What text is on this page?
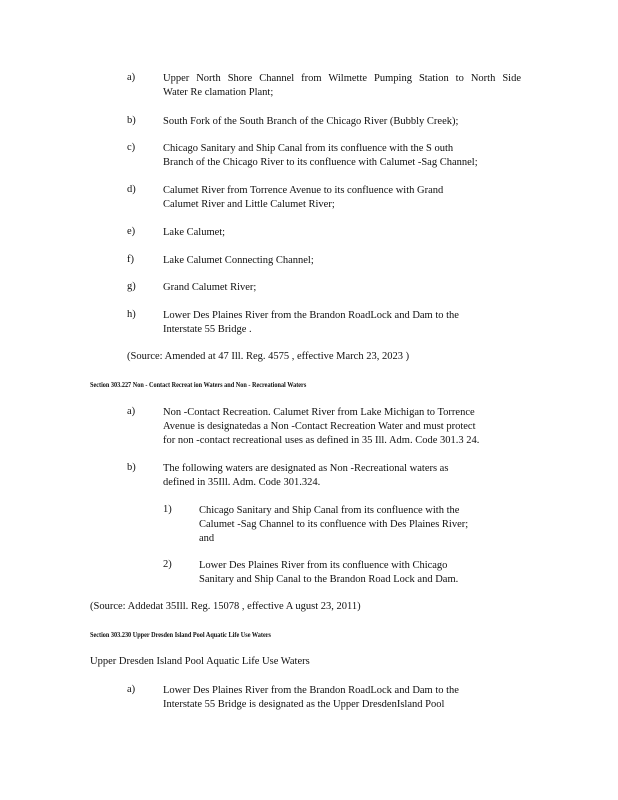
a)	Upper North Shore Channel from Wilmette Pumping Station to North Side
Water Re clamation Plant;
b)	South Fork of the South Branch of the Chicago River (Bubbly Creek);
c)	Chicago Sanitary and Ship Canal from its confluence with the S outh
Branch of the Chicago River to its confluence with Calumet -Sag Channel;
d)	Calumet River from Torrence Avenue to its confluence with Grand
Calumet River and Little Calumet River;
e)	Lake Calumet;
f)	Lake Calumet Connecting Channel;
g)	Grand Calumet River;
h)	Lower Des Plaines River from the Brandon RoadLock and Dam to the
Interstate 55 Bridge .
(Source: Amended at 47 Ill. Reg. 4575 , effective March 23, 2023 )
Section 303.227 Non - Contact Recreat ion Waters and Non - Recreational Waters
a)	Non -Contact Recreation. Calumet River from Lake Michigan to Torrence
Avenue is designatedas a Non -Contact Recreation Water and must protect
for non -contact recreational uses as defined in 35 Ill. Adm. Code 301.3 24.
b)	The following waters are designated as Non -Recreational waters as
defined in 35Ill. Adm. Code 301.324.
1)	Chicago Sanitary and Ship Canal from its confluence with the
Calumet -Sag Channel to its confluence with Des Plaines River;
and
2)	Lower Des Plaines River from its confluence with Chicago
Sanitary and Ship Canal to the Brandon Road Lock and Dam.
(Source: Addedat 35Ill. Reg. 15078 , effective A ugust 23, 2011)
Section 303.230 Upper Dresden Island Pool Aquatic Life Use Waters
Upper Dresden Island Pool Aquatic Life Use Waters
a)	Lower Des Plaines River from the Brandon RoadLock and Dam to the
Interstate 55 Bridge is designated as the Upper DresdenIsland Pool
